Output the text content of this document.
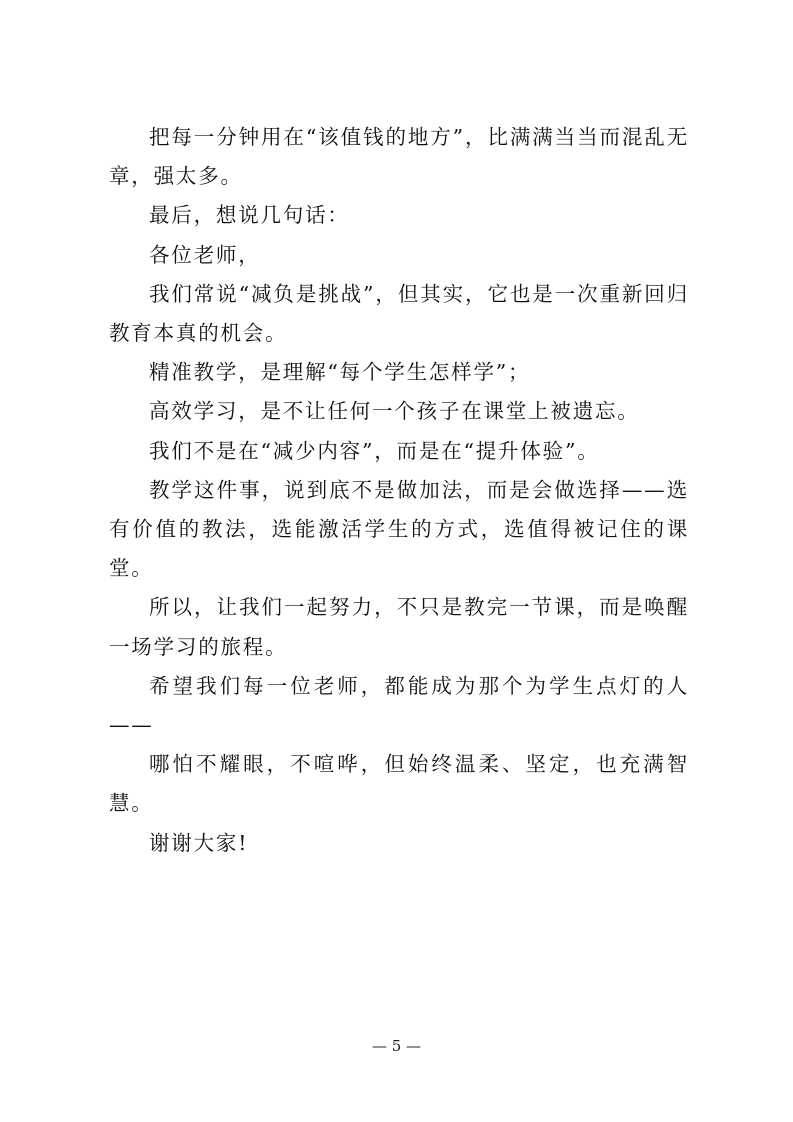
把每一分钟用在“该值钱的地方”，比满满当当而混乱无章，强太多。

最后，想说几句话：

各位老师，

我们常说“减负是挑战”，但其实，它也是一次重新回归教育本真的机会。

精准教学，是理解“每个学生怎样学”；

高效学习，是不让任何一个孩子在课堂上被遗忘。

我们不是在“减少内容”，而是在“提升体验”。

教学这件事，说到底不是做加法，而是会做选择——选有价值的教法，选能激活学生的方式，选值得被记住的课堂。

所以，让我们一起努力，不只是教完一节课，而是唤醒一场学习的旅程。

希望我们每一位老师，都能成为那个为学生点灯的人——

哪怕不耀眼，不喧哗，但始终温柔、坚定，也充满智慧。

谢谢大家!

— 5 —
